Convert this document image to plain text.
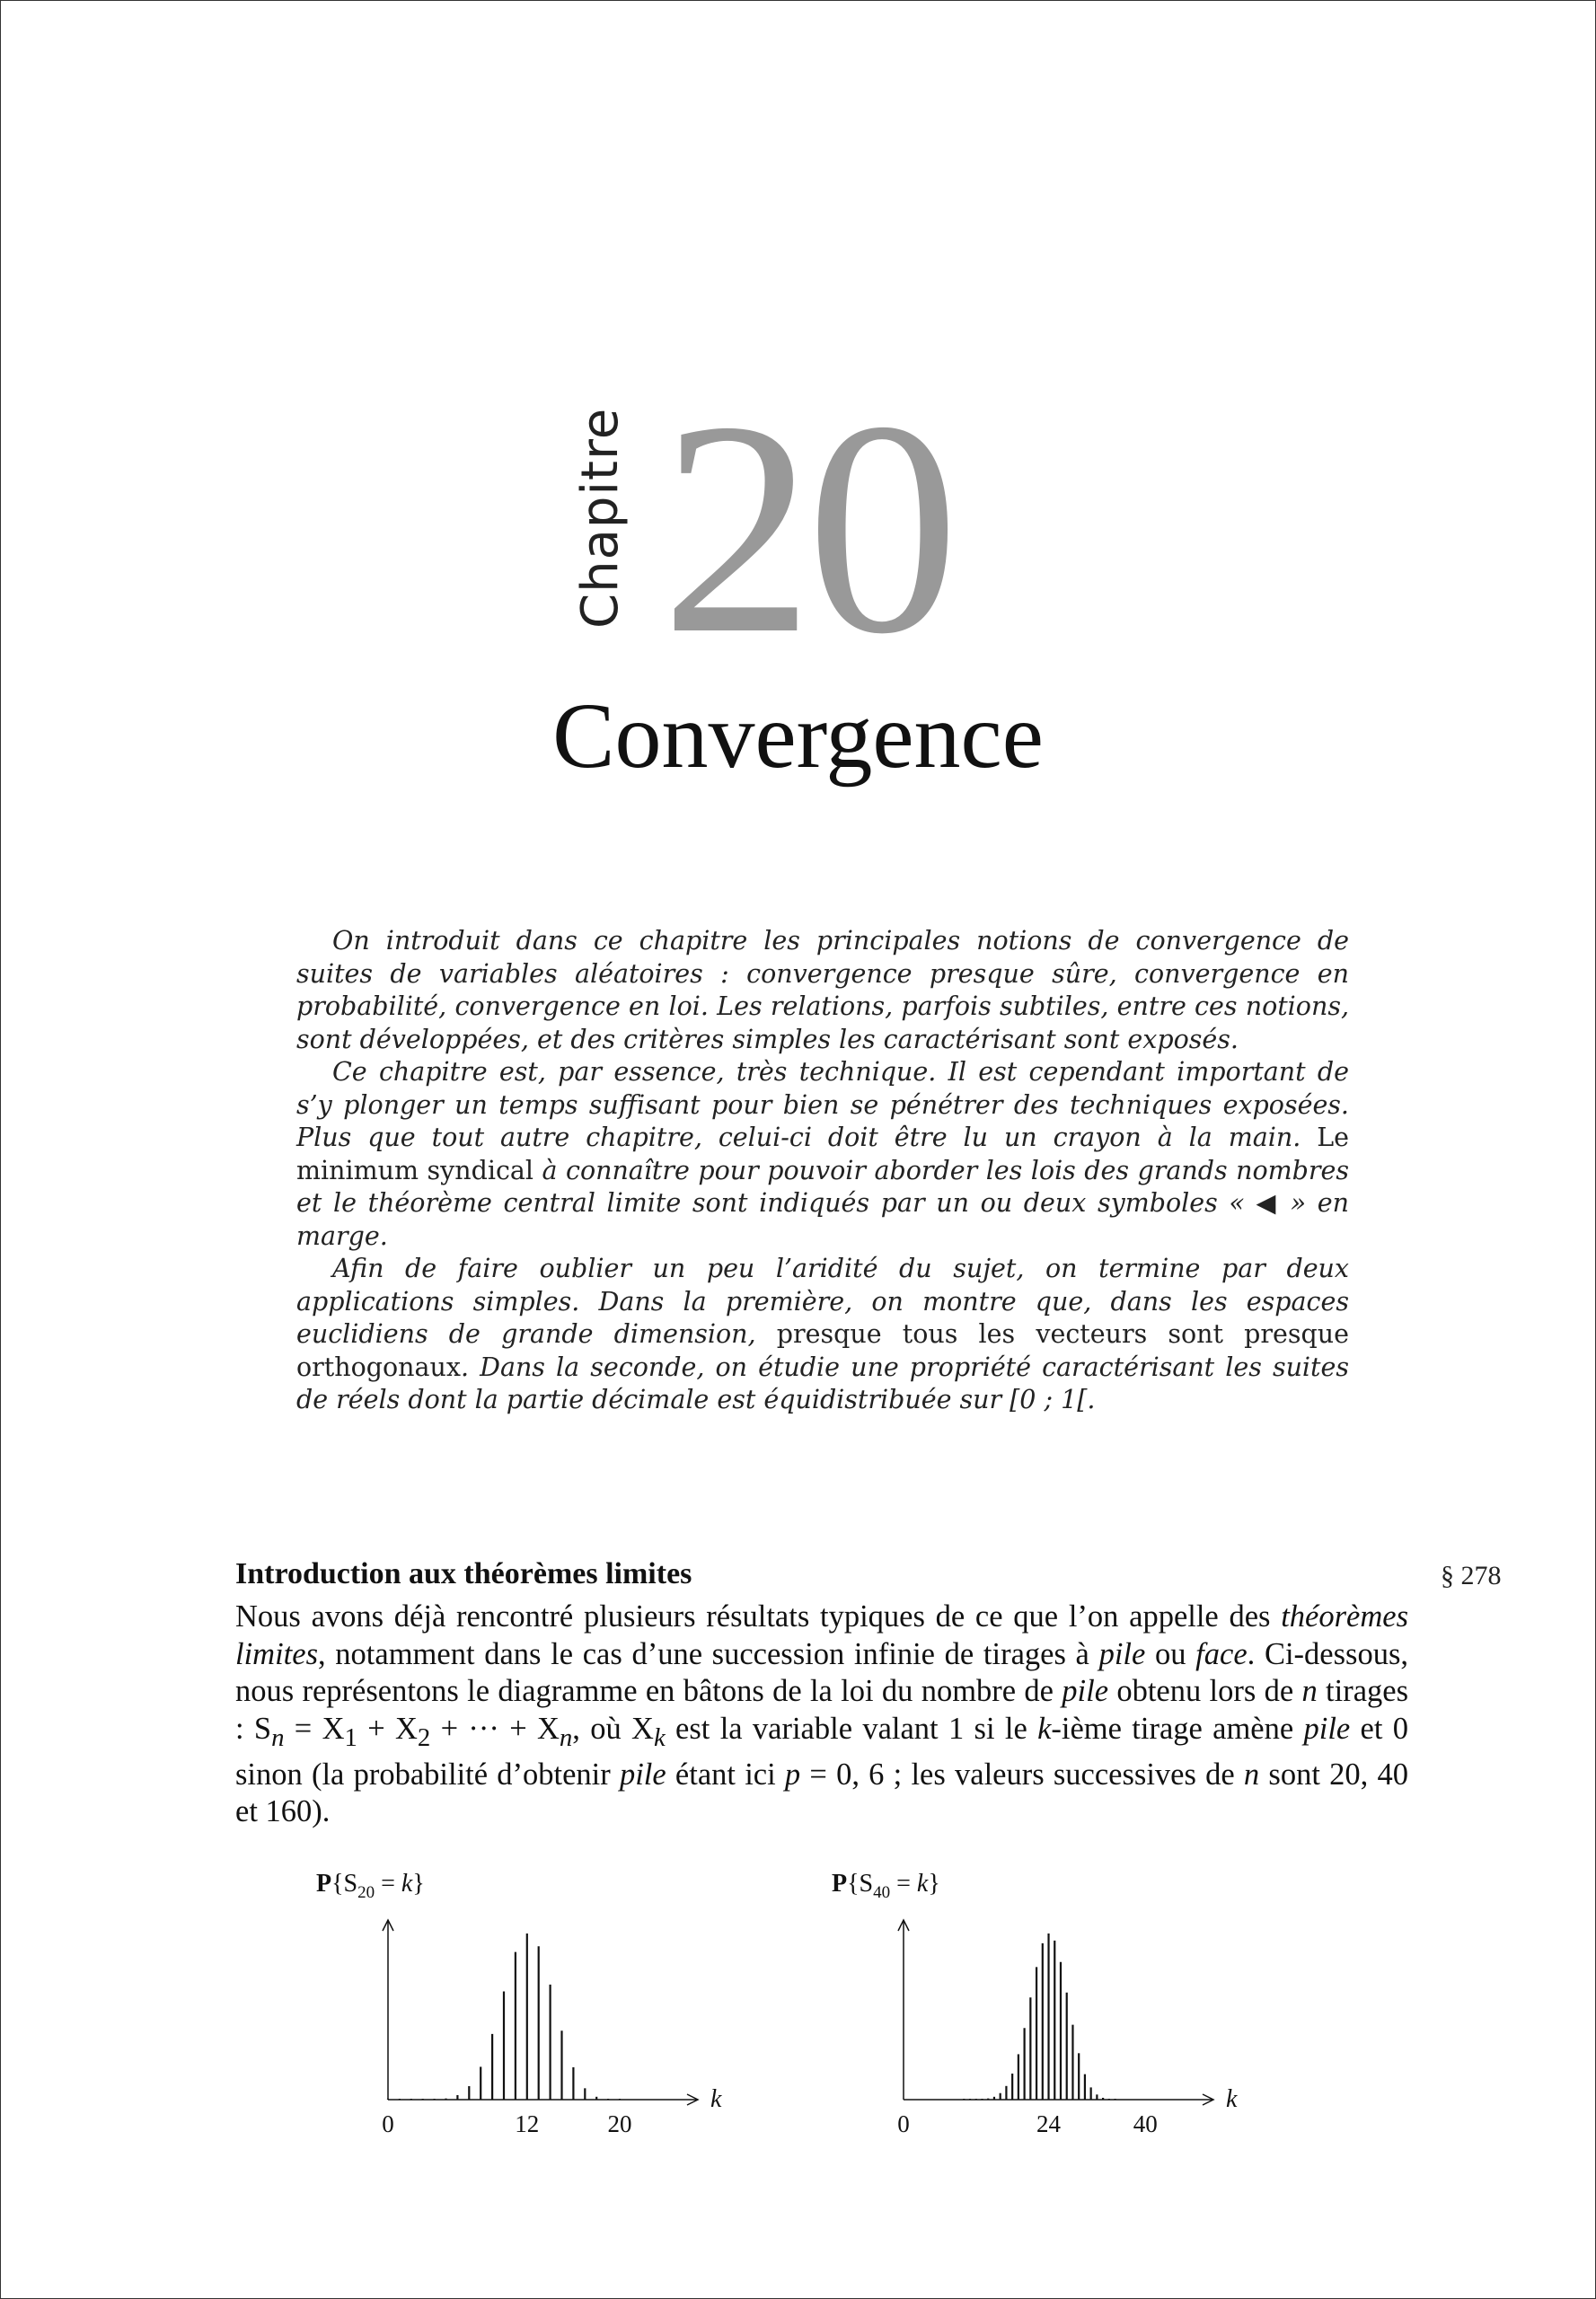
Chapitre 20
Convergence

On introduit dans ce chapitre les principales notions de convergence de suites de variables aléatoires : convergence presque sûre, convergence en probabilité, convergence en loi. Les relations, parfois subtiles, entre ces notions, sont développées, et des critères simples les caractérisant sont exposés.

Ce chapitre est, par essence, très technique. Il est cependant important de s’y plonger un temps suffisant pour bien se pénétrer des techniques exposées. Plus que tout autre chapitre, celui-ci doit être lu un crayon à la main. Le minimum syndical à connaître pour pouvoir aborder les lois des grands nombres et le théorème central limite sont indiqués par un ou deux symboles « ◀ » en marge.

Afin de faire oublier un peu l’aridité du sujet, on termine par deux applications simples. Dans la première, on montre que, dans les espaces euclidiens de grande dimension, presque tous les vecteurs sont presque orthogonaux. Dans la seconde, on étudie une propriété caractérisant les suites de réels dont la partie décimale est équidistribuée sur [0 ; 1[.

Introduction aux théorèmes limites	§ 278

Nous avons déjà rencontré plusieurs résultats typiques de ce que l’on appelle des théorèmes limites, notamment dans le cas d’une succession infinie de tirages à pile ou face. Ci-dessous, nous représentons le diagramme en bâtons de la loi du nombre de pile obtenu lors de n tirages : $S_n = X_1 + X_2$ + ··· + $X_n$, où $X_k$ est la variable valant 1 si le k-ième tirage amène pile et 0 sinon (la probabilité d’obtenir pile étant ici p = 0, 6 ; les valeurs successives de n sont 20, 40 et 160).

$P\{S_{20} = k\}$
k
0	12	20
$P\{S_{40} = k\}$
k
0	24	40
